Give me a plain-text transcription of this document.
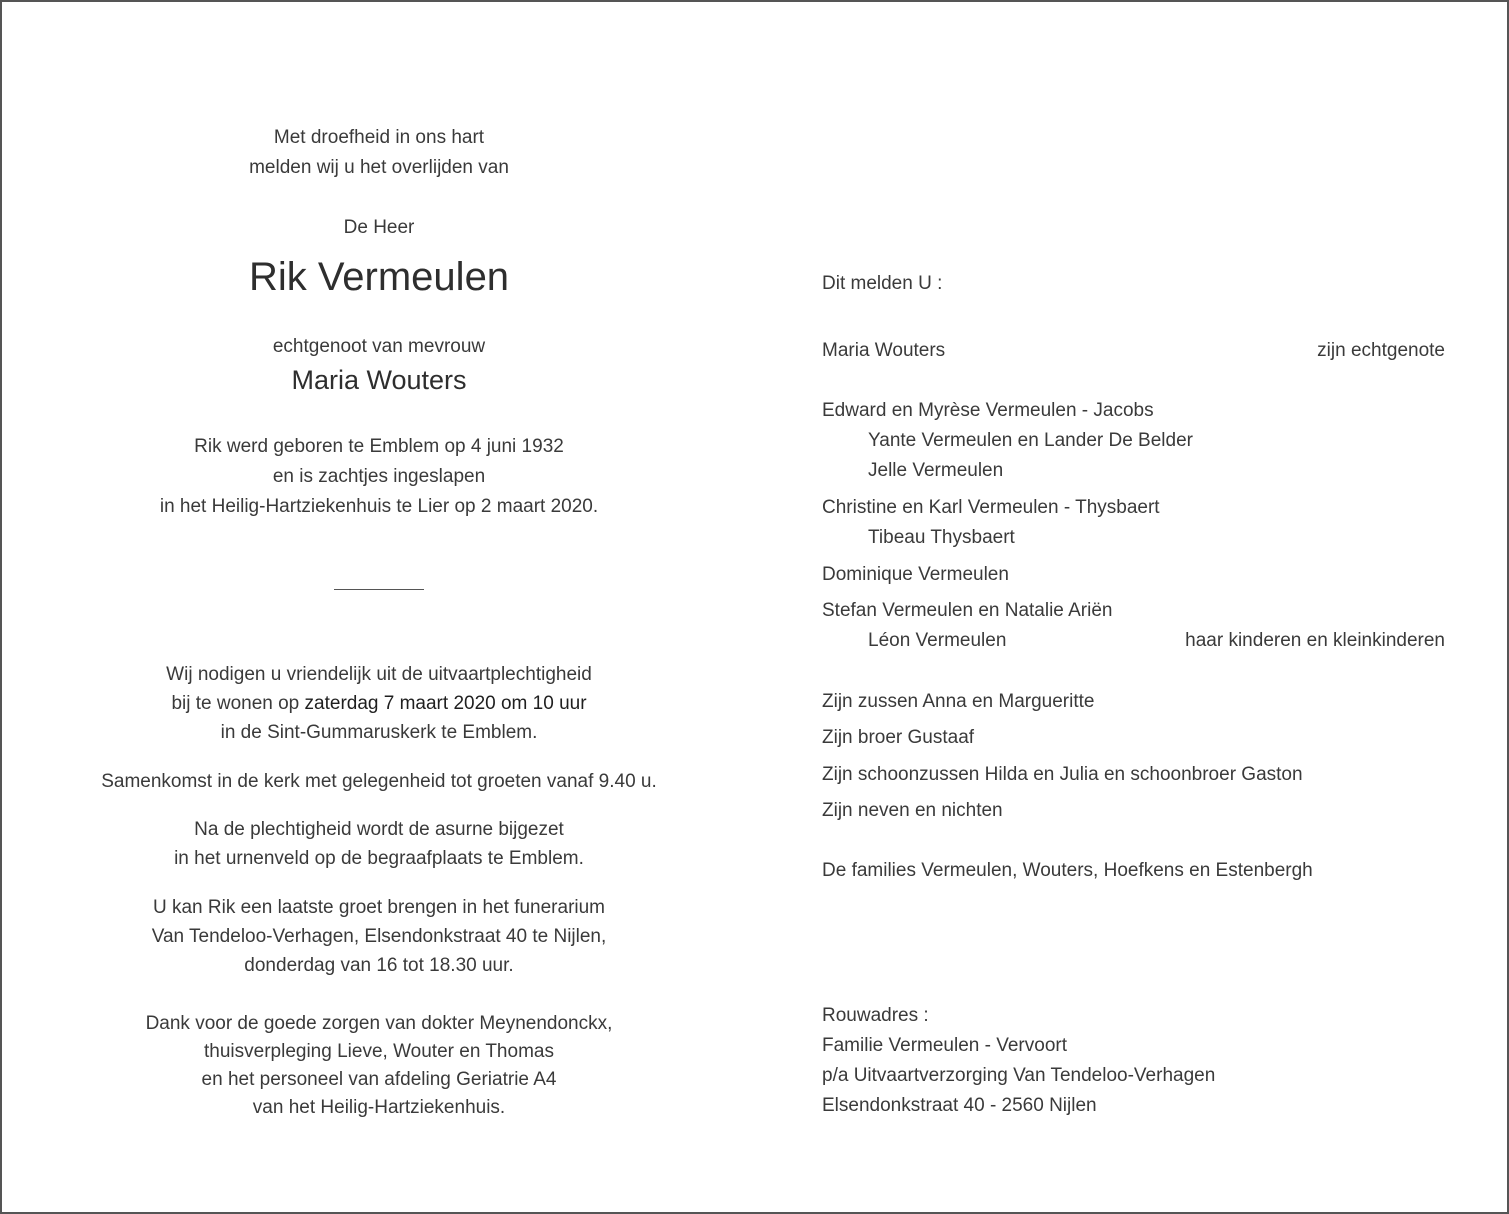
Met droefheid in ons hart
melden wij u het overlijden van
De Heer
Rik Vermeulen
echtgenoot van mevrouw
Maria Wouters
Rik werd geboren te Emblem op 4 juni 1932
en is zachtjes ingeslapen
in het Heilig-Hartziekenhuis te Lier op 2 maart 2020.
Wij nodigen u vriendelijk uit de uitvaartplechtigheid
bij te wonen op zaterdag 7 maart 2020 om 10 uur
in de Sint-Gummaruskerk te Emblem.
Samenkomst in de kerk met gelegenheid tot groeten vanaf 9.40 u.
Na de plechtigheid wordt de asurne bijgezet
in het urnenveld op de begraafplaats te Emblem.
U kan Rik een laatste groet brengen in het funerarium
Van Tendeloo-Verhagen, Elsendonkstraat 40 te Nijlen,
donderdag van 16 tot 18.30 uur.
Dank voor de goede zorgen van dokter Meynendonckx,
thuisverpleging Lieve, Wouter en Thomas
en het personeel van afdeling Geriatrie A4
van het Heilig-Hartziekenhuis.
Dit melden U :
Maria Wouters	zijn echtgenote
Edward en Myrèse Vermeulen - Jacobs
Yante Vermeulen en Lander De Belder
Jelle Vermeulen
Christine en Karl Vermeulen - Thysbaert
Tibeau Thysbaert
Dominique Vermeulen
Stefan Vermeulen en Natalie Ariën
Léon Vermeulen	haar kinderen en kleinkinderen
Zijn zussen Anna en Margueritte
Zijn broer Gustaaf
Zijn schoonzussen Hilda en Julia en schoonbroer Gaston
Zijn neven en nichten
De families Vermeulen, Wouters, Hoefkens en Estenbergh
Rouwadres :
Familie Vermeulen - Vervoort
p/a Uitvaartverzorging Van Tendeloo-Verhagen
Elsendonkstraat 40 - 2560 Nijlen
